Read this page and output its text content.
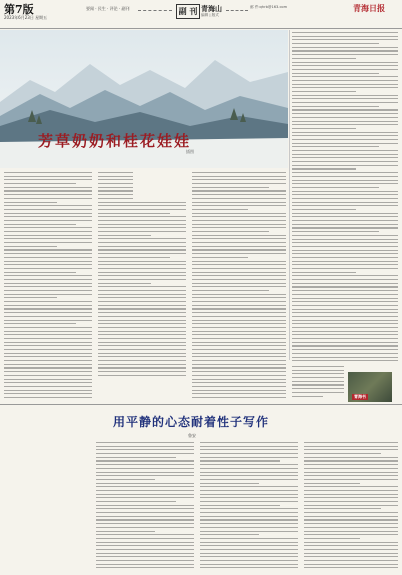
第7版
2023年6月23日 星期五
要闻 · 民生 · 评论 · 副刊	副 刊 青海山
编辑 | 版式
邮 件:qhrb@163.com	青海日报
芳草奶奶和桂花娃娃
插图
青海书
用平静的心态耐着性子写作
鲁安
